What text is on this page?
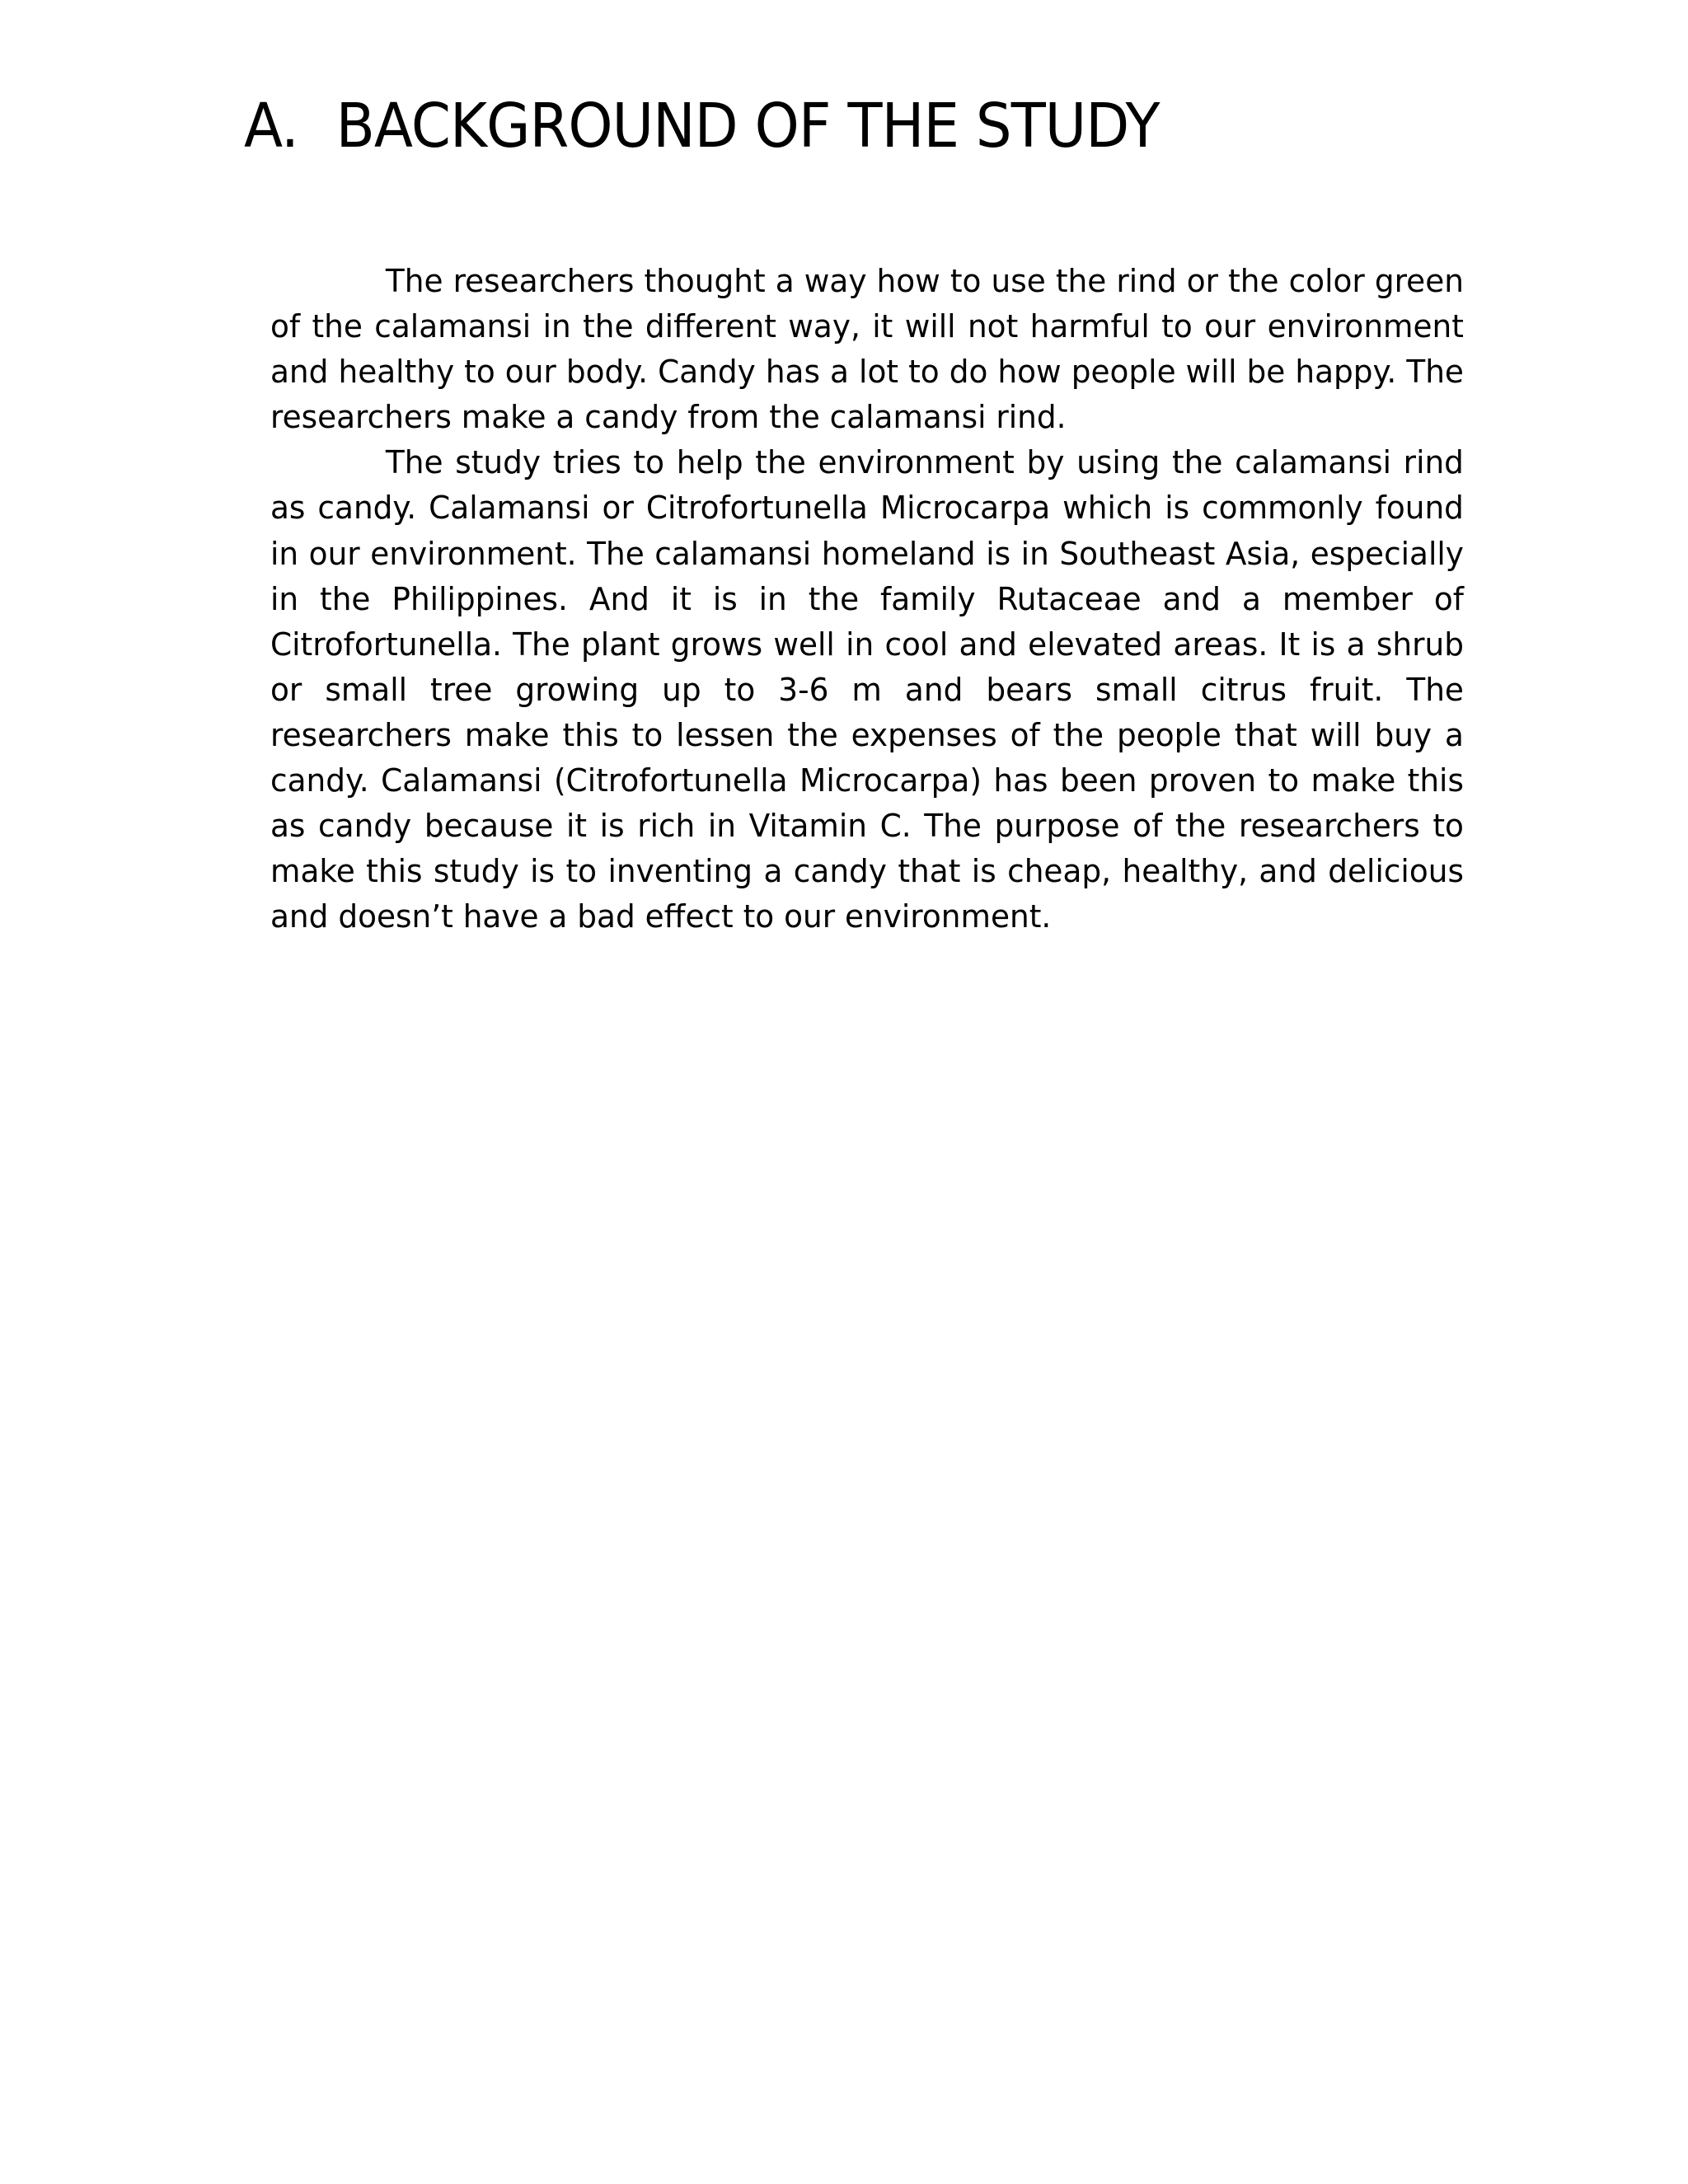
A. BACKGROUND OF THE STUDY

The researchers thought a way how to use the rind or the color green of the calamansi in the different way, it will not harmful to our environment and healthy to our body. Candy has a lot to do how people will be happy. The researchers make a candy from the calamansi rind.

The study tries to help the environment by using the calamansi rind as candy. Calamansi or Citrofortunella Microcarpa which is commonly found in our environment. The calamansi homeland is in Southeast Asia, especially in the Philippines. And it is in the family Rutaceae and a member of Citrofortunella. The plant grows well in cool and elevated areas. It is a shrub or small tree growing up to 3-6 m and bears small citrus fruit. The researchers make this to lessen the expenses of the people that will buy a candy. Calamansi (Citrofortunella Microcarpa) has been proven to make this as candy because it is rich in Vitamin C. The purpose of the researchers to make this study is to inventing a candy that is cheap, healthy, and delicious and doesn’t have a bad effect to our environment.
